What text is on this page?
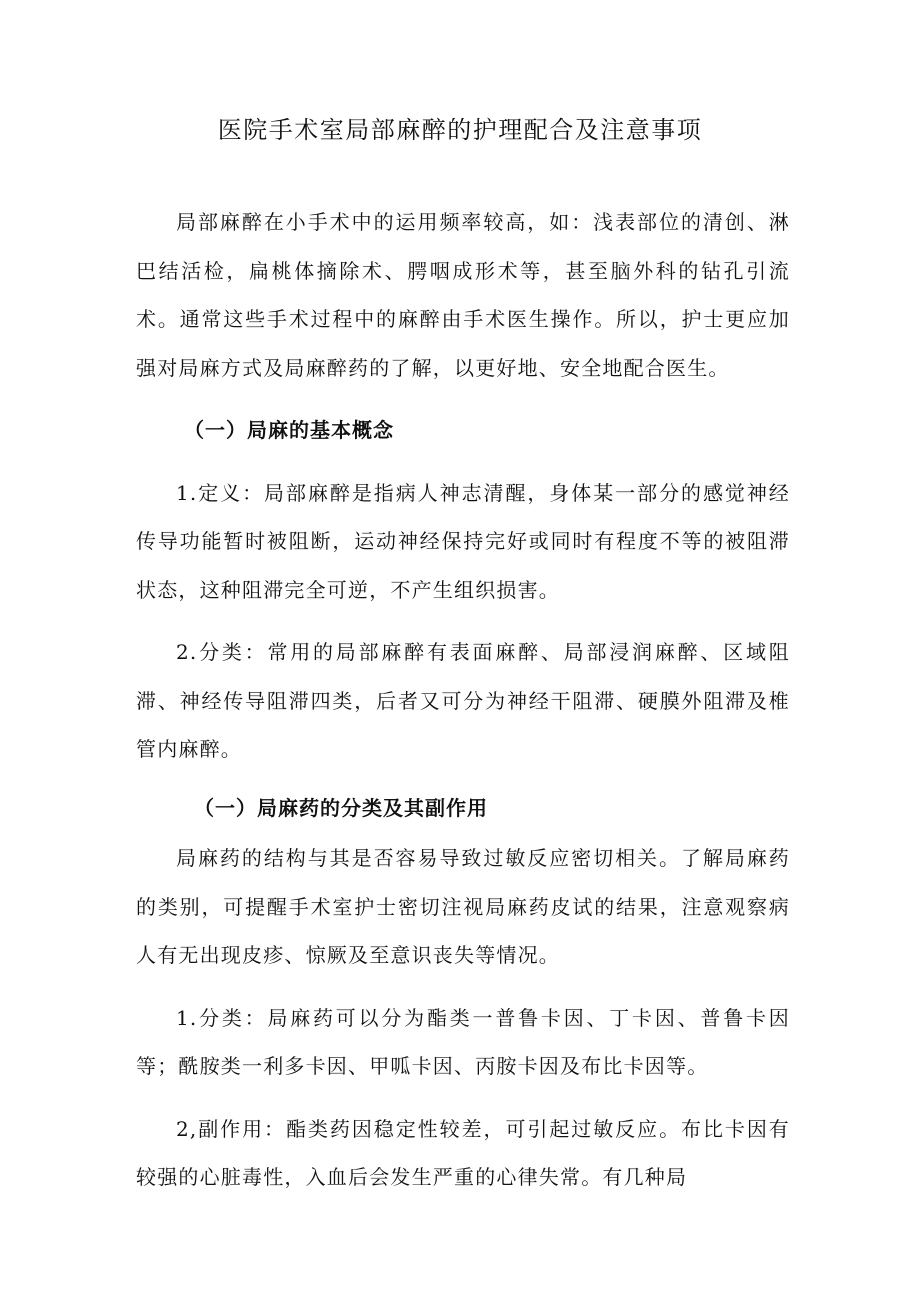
医院手术室局部麻醉的护理配合及注意事项

局部麻醉在小手术中的运用频率较高，如：浅表部位的清创、淋巴结活检，扁桃体摘除术、腭咽成形术等，甚至脑外科的钻孔引流术。通常这些手术过程中的麻醉由手术医生操作。所以，护士更应加强对局麻方式及局麻醉药的了解，以更好地、安全地配合医生。

（一）局麻的基本概念

1.定义：局部麻醉是指病人神志清醒，身体某一部分的感觉神经传导功能暂时被阻断，运动神经保持完好或同时有程度不等的被阻滞状态，这种阻滞完全可逆，不产生组织损害。

2.分类：常用的局部麻醉有表面麻醉、局部浸润麻醉、区域阻滞、神经传导阻滞四类，后者又可分为神经干阻滞、硬膜外阻滞及椎管内麻醉。

（一）局麻药的分类及其副作用

局麻药的结构与其是否容易导致过敏反应密切相关。了解局麻药的类别，可提醒手术室护士密切注视局麻药皮试的结果，注意观察病人有无出现皮疹、惊厥及至意识丧失等情况。

1.分类：局麻药可以分为酯类一普鲁卡因、丁卡因、普鲁卡因等；酰胺类一利多卡因、甲呱卡因、丙胺卡因及布比卡因等。

2,副作用：酯类药因稳定性较差，可引起过敏反应。布比卡因有较强的心脏毒性，入血后会发生严重的心律失常。有几种局
